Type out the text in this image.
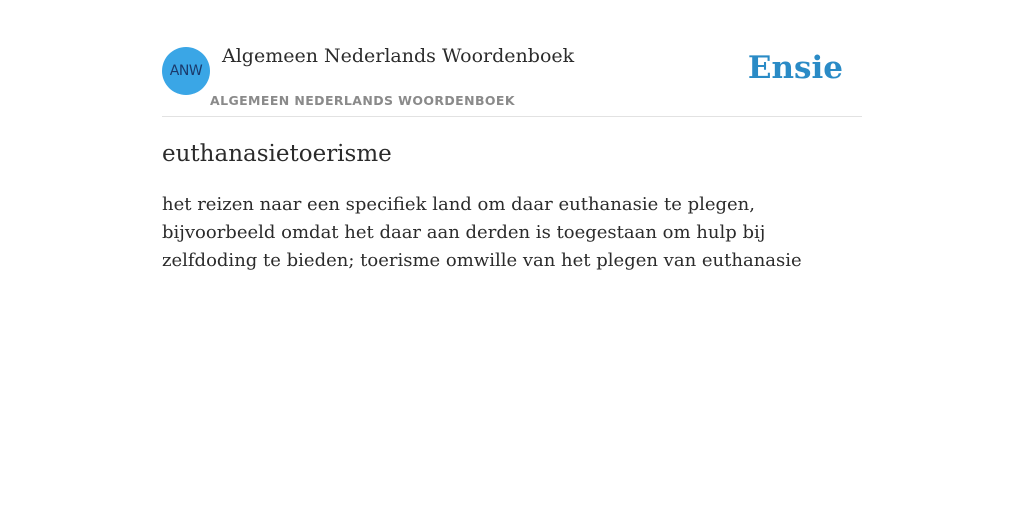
ANW
Algemeen Nederlands Woordenboek
ALGEMEEN NEDERLANDS WOORDENBOEK
Ensie
euthanasietoerisme

het reizen naar een specifiek land om daar euthanasie te plegen, bijvoorbeeld omdat het daar aan derden is toegestaan om hulp bij zelfdoding te bieden; toerisme omwille van het plegen van euthanasie
